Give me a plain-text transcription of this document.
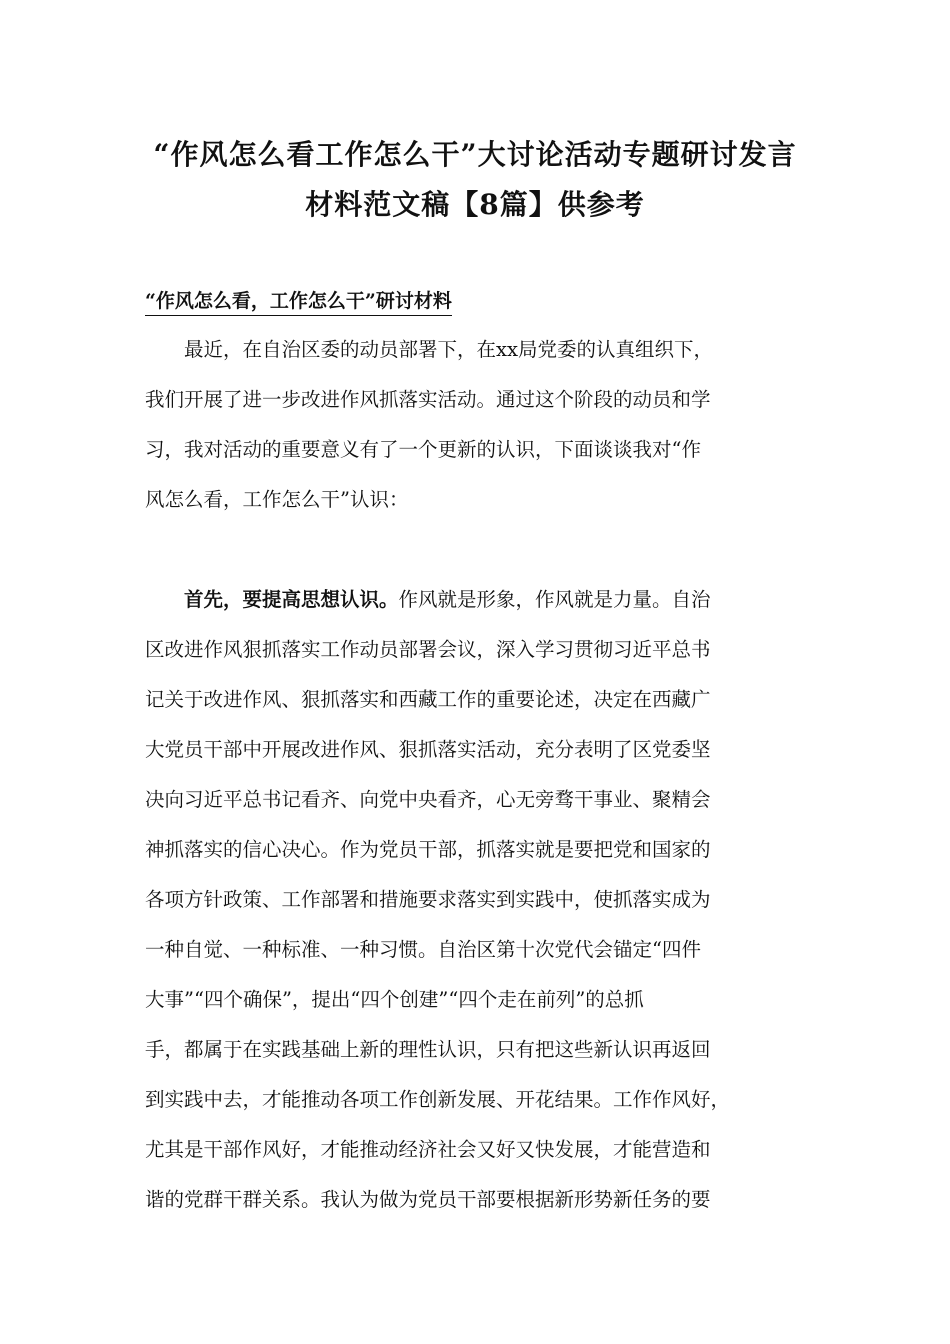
“作风怎么看工作怎么干”大讨论活动专题研讨发言
材料范文稿【8篇】供参考
“作风怎么看，工作怎么干”研讨材料
　　最近，在自治区委的动员部署下，在xx局党委的认真组织下，
我们开展了进一步改进作风抓落实活动。通过这个阶段的动员和学
习，我对活动的重要意义有了一个更新的认识，下面谈谈我对“作
风怎么看，工作怎么干”认识：
　　首先，要提高思想认识。作风就是形象，作风就是力量。自治
区改进作风狠抓落实工作动员部署会议，深入学习贯彻习近平总书
记关于改进作风、狠抓落实和西藏工作的重要论述，决定在西藏广
大党员干部中开展改进作风、狠抓落实活动，充分表明了区党委坚
决向习近平总书记看齐、向党中央看齐，心无旁骛干事业、聚精会
神抓落实的信心决心。作为党员干部，抓落实就是要把党和国家的
各项方针政策、工作部署和措施要求落实到实践中，使抓落实成为
一种自觉、一种标准、一种习惯。自治区第十次党代会锚定“四件
大事”“四个确保”，提出“四个创建”“四个走在前列”的总抓
手，都属于在实践基础上新的理性认识，只有把这些新认识再返回
到实践中去，才能推动各项工作创新发展、开花结果。工作作风好，
尤其是干部作风好，才能推动经济社会又好又快发展，才能营造和
谐的党群干群关系。我认为做为党员干部要根据新形势新任务的要
